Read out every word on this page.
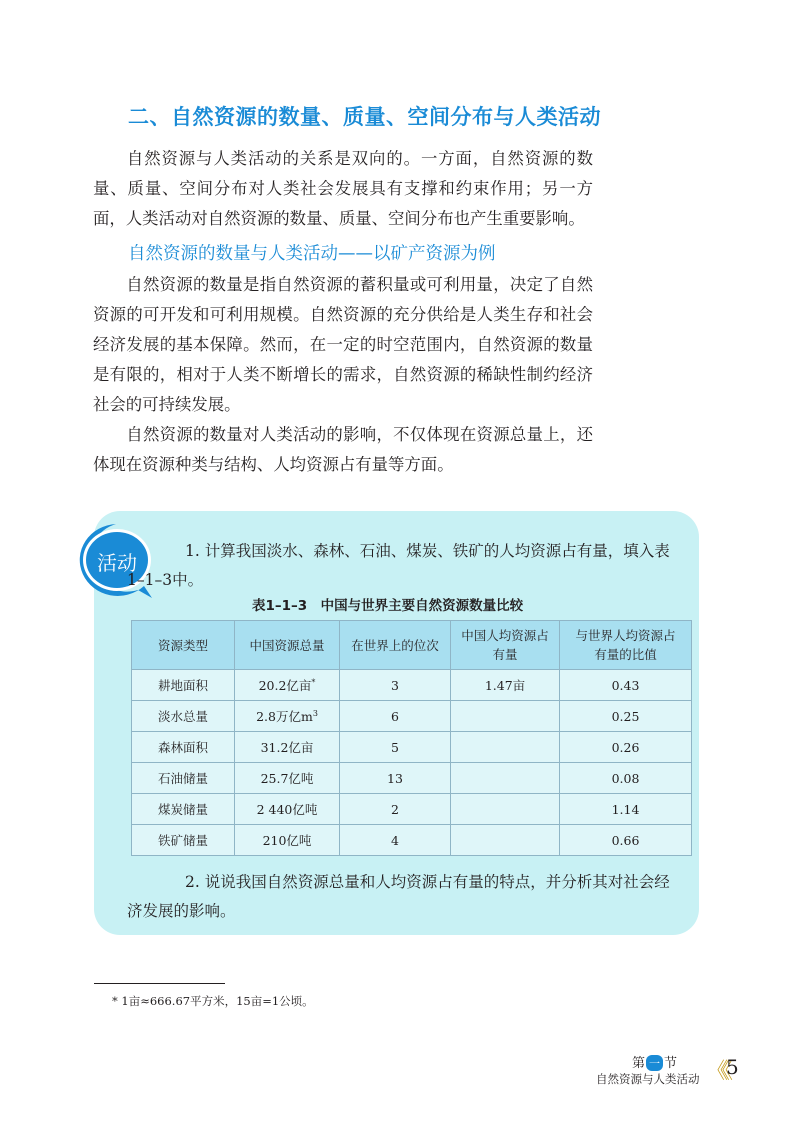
二、自然资源的数量、质量、空间分布与人类活动

自然资源与人类活动的关系是双向的。一方面，自然资源的数量、质量、空间分布对人类社会发展具有支撑和约束作用；另一方面，人类活动对自然资源的数量、质量、空间分布也产生重要影响。

自然资源的数量与人类活动——以矿产资源为例

自然资源的数量是指自然资源的蓄积量或可利用量，决定了自然资源的可开发和可利用规模。自然资源的充分供给是人类生存和社会经济发展的基本保障。然而，在一定的时空范围内，自然资源的数量是有限的，相对于人类不断增长的需求，自然资源的稀缺性制约经济社会的可持续发展。

自然资源的数量对人类活动的影响，不仅体现在资源总量上，还体现在资源种类与结构、人均资源占有量等方面。

活动	1. 计算我国淡水、森林、石油、煤炭、铁矿的人均资源占有量，填入表1–1–3中。

表1–1–3　中国与世界主要自然资源数量比较
资源类型	中国资源总量	在世界上的位次	中国人均资源占有量	与世界人均资源占有量的比值

耕地面积	20.2亿亩*	3	1.47亩	0.43
淡水总量	2.8万亿$m^3$	6		0.25
森林面积	31.2亿亩	5		0.26
石油储量	25.7亿吨	13		0.08
煤炭储量	2 440亿吨	2		1.14
铁矿储量	210亿吨	4		0.66

2. 说说我国自然资源总量和人均资源占有量的特点，并分析其对社会经济发展的影响。

* 1亩≈666.67平方米，15亩=1公顷。
第 一 节
自然资源与人类活动 《《
5
